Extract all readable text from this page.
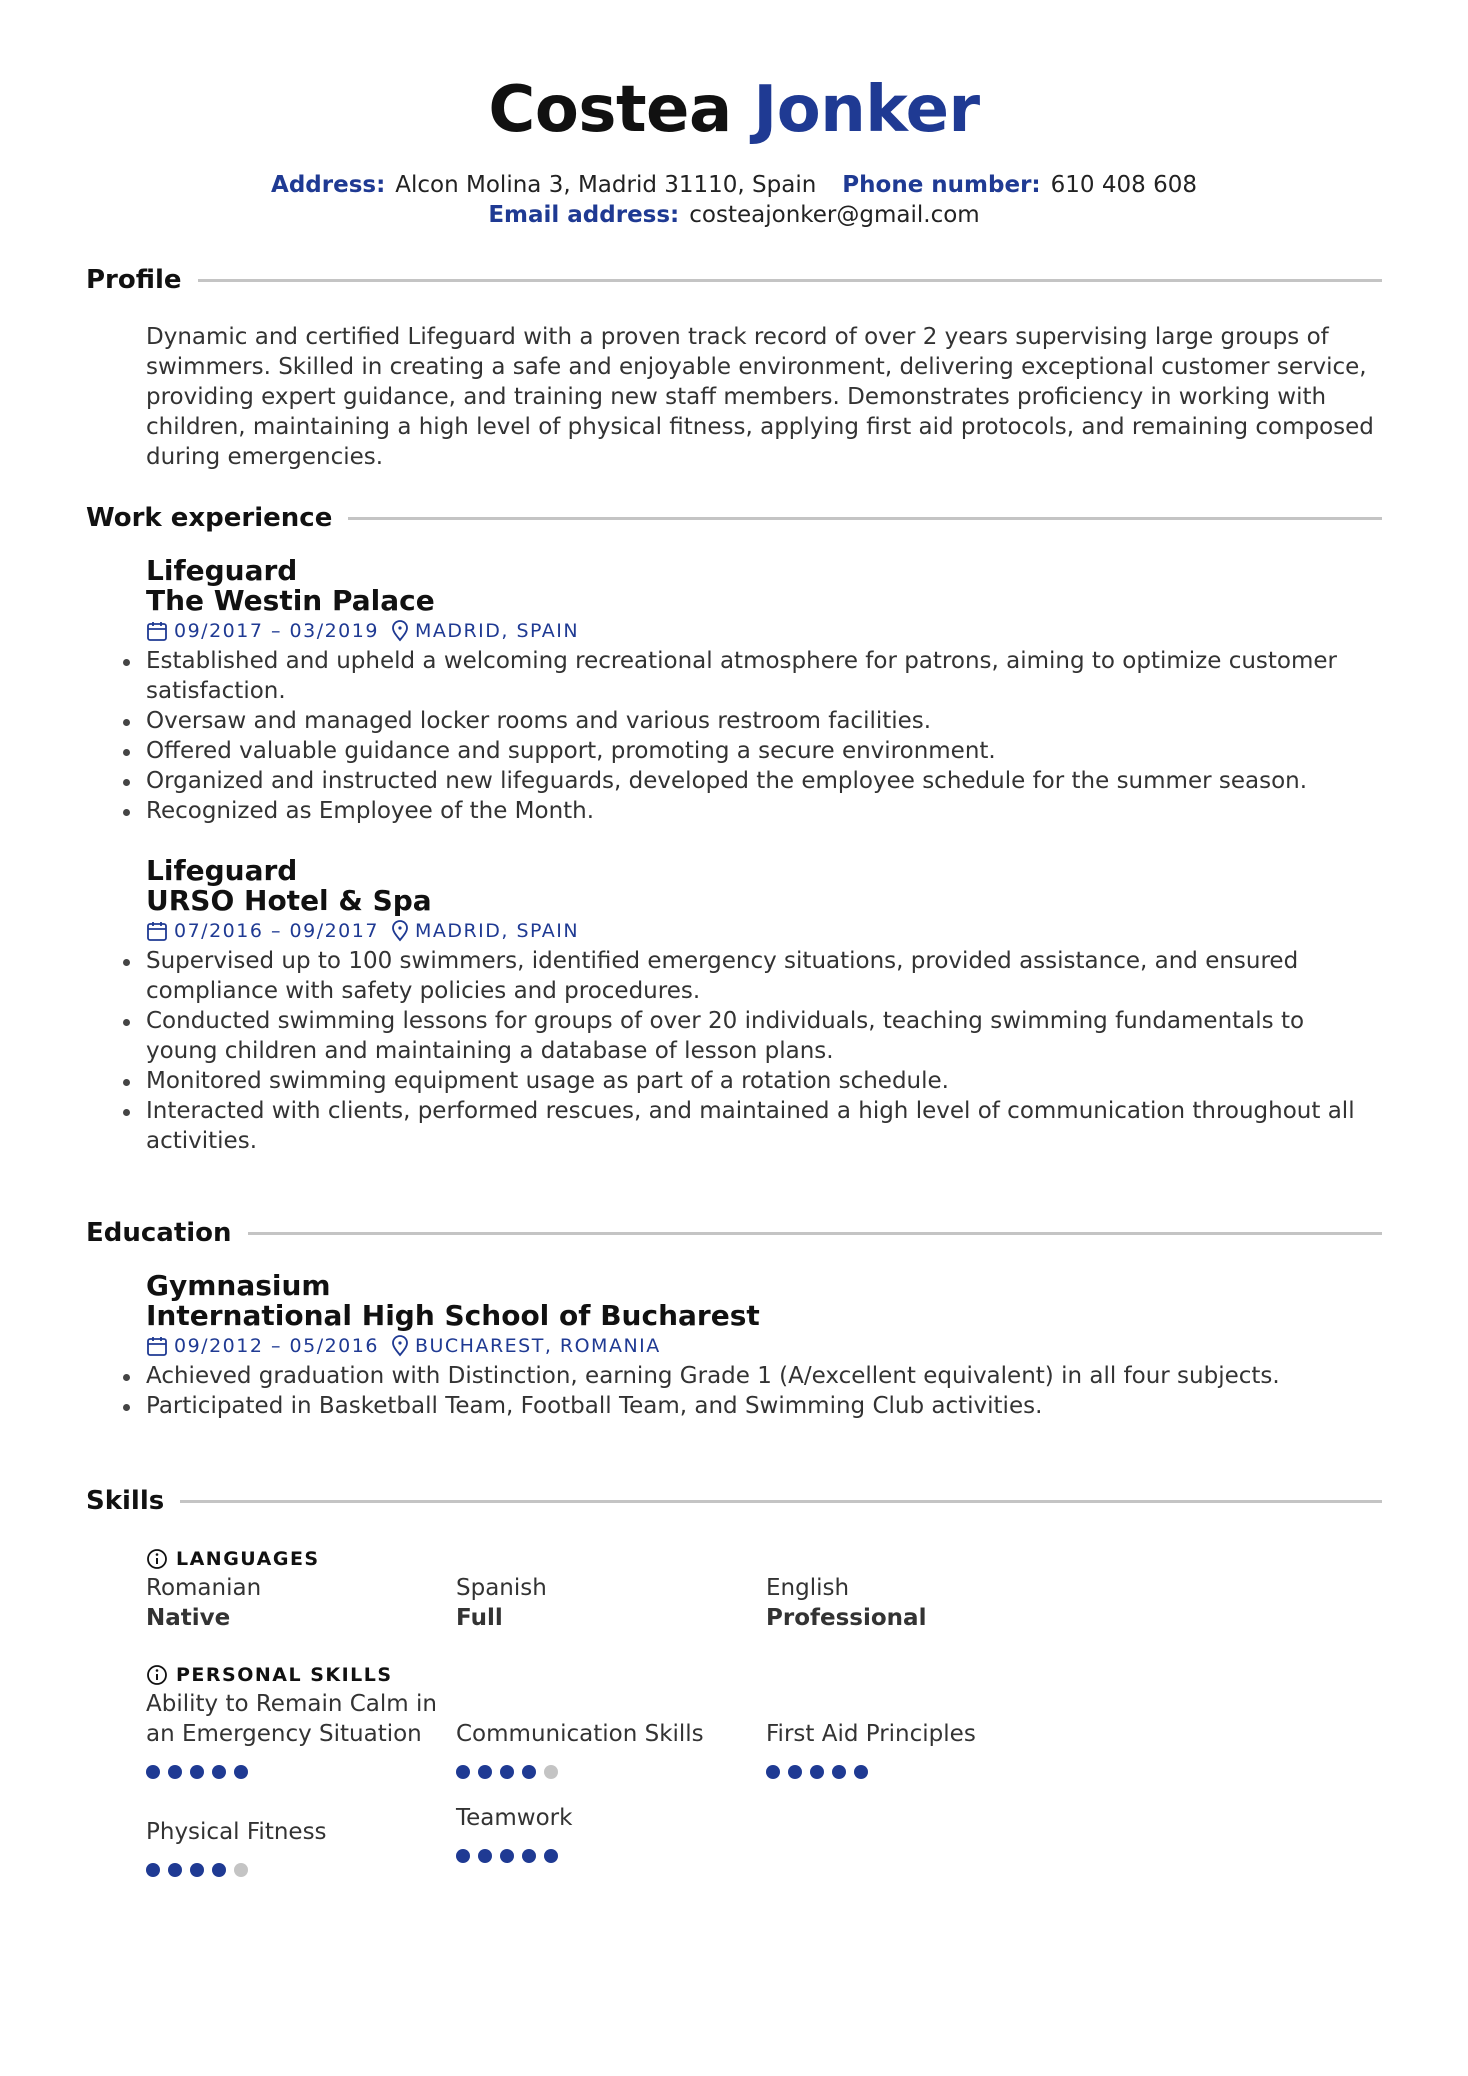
Costea Jonker
Address: Alcon Molina 3, Madrid 31110, Spain Phone number: 610 408 608
Email address: costeajonker@gmail.com
Profile
Dynamic and certified Lifeguard with a proven track record of over 2 years supervising large groups of swimmers. Skilled in creating a safe and enjoyable environment, delivering exceptional customer service, providing expert guidance, and training new staff members. Demonstrates proficiency in working with children, maintaining a high level of physical fitness, applying first aid protocols, and remaining composed during emergencies.
Work experience
Lifeguard
The Westin Palace
09/2017 – 03/2019 MADRID, SPAIN
Established and upheld a welcoming recreational atmosphere for patrons, aiming to optimize customer satisfaction.
Oversaw and managed locker rooms and various restroom facilities.
Offered valuable guidance and support, promoting a secure environment.
Organized and instructed new lifeguards, developed the employee schedule for the summer season.
Recognized as Employee of the Month.
Lifeguard
URSO Hotel & Spa
07/2016 – 09/2017 MADRID, SPAIN
Supervised up to 100 swimmers, identified emergency situations, provided assistance, and ensured compliance with safety policies and procedures.
Conducted swimming lessons for groups of over 20 individuals, teaching swimming fundamentals to young children and maintaining a database of lesson plans.
Monitored swimming equipment usage as part of a rotation schedule.
Interacted with clients, performed rescues, and maintained a high level of communication throughout all activities.
Education
Gymnasium
International High School of Bucharest
09/2012 – 05/2016 BUCHAREST, ROMANIA
Achieved graduation with Distinction, earning Grade 1 (A/excellent equivalent) in all four subjects.
Participated in Basketball Team, Football Team, and Swimming Club activities.
Skills
LANGUAGES
Romanian
Native
Spanish
Full
English
Professional
PERSONAL SKILLS
Ability to Remain Calm in an Emergency Situation	Communication Skills	First Aid Principles
Physical Fitness
Teamwork
